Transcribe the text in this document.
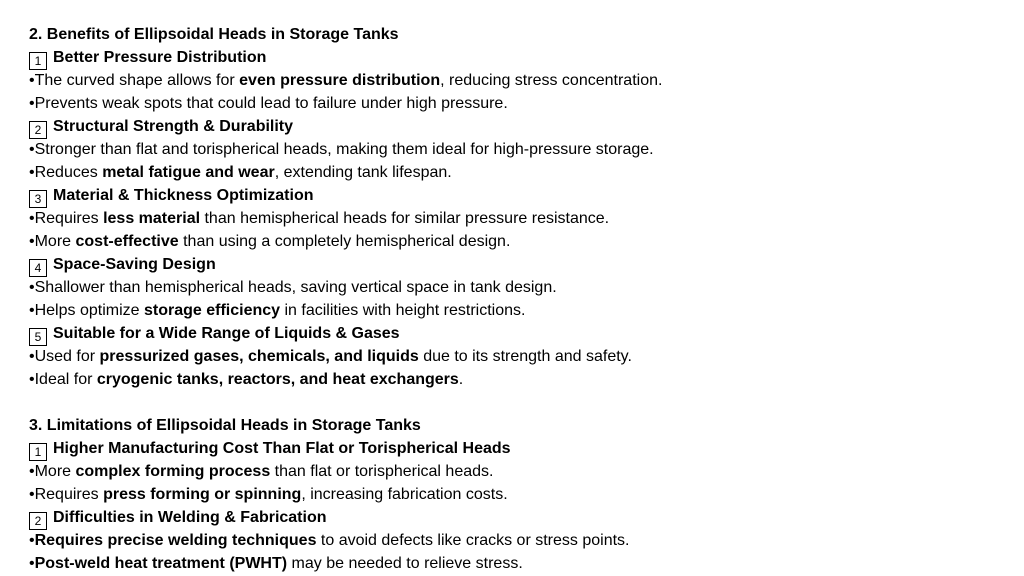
2. Benefits of Ellipsoidal Heads in Storage Tanks
1 Better Pressure Distribution
•The curved shape allows for even pressure distribution, reducing stress concentration.
•Prevents weak spots that could lead to failure under high pressure.
2 Structural Strength & Durability
•Stronger than flat and torispherical heads, making them ideal for high-pressure storage.
•Reduces metal fatigue and wear, extending tank lifespan.
3 Material & Thickness Optimization
•Requires less material than hemispherical heads for similar pressure resistance.
•More cost-effective than using a completely hemispherical design.
4 Space-Saving Design
•Shallower than hemispherical heads, saving vertical space in tank design.
•Helps optimize storage efficiency in facilities with height restrictions.
5 Suitable for a Wide Range of Liquids & Gases
•Used for pressurized gases, chemicals, and liquids due to its strength and safety.
•Ideal for cryogenic tanks, reactors, and heat exchangers.
3. Limitations of Ellipsoidal Heads in Storage Tanks
1 Higher Manufacturing Cost Than Flat or Torispherical Heads
•More complex forming process than flat or torispherical heads.
•Requires press forming or spinning, increasing fabrication costs.
2 Difficulties in Welding & Fabrication
•Requires precise welding techniques to avoid defects like cracks or stress points.
•Post-weld heat treatment (PWHT) may be needed to relieve stress.
